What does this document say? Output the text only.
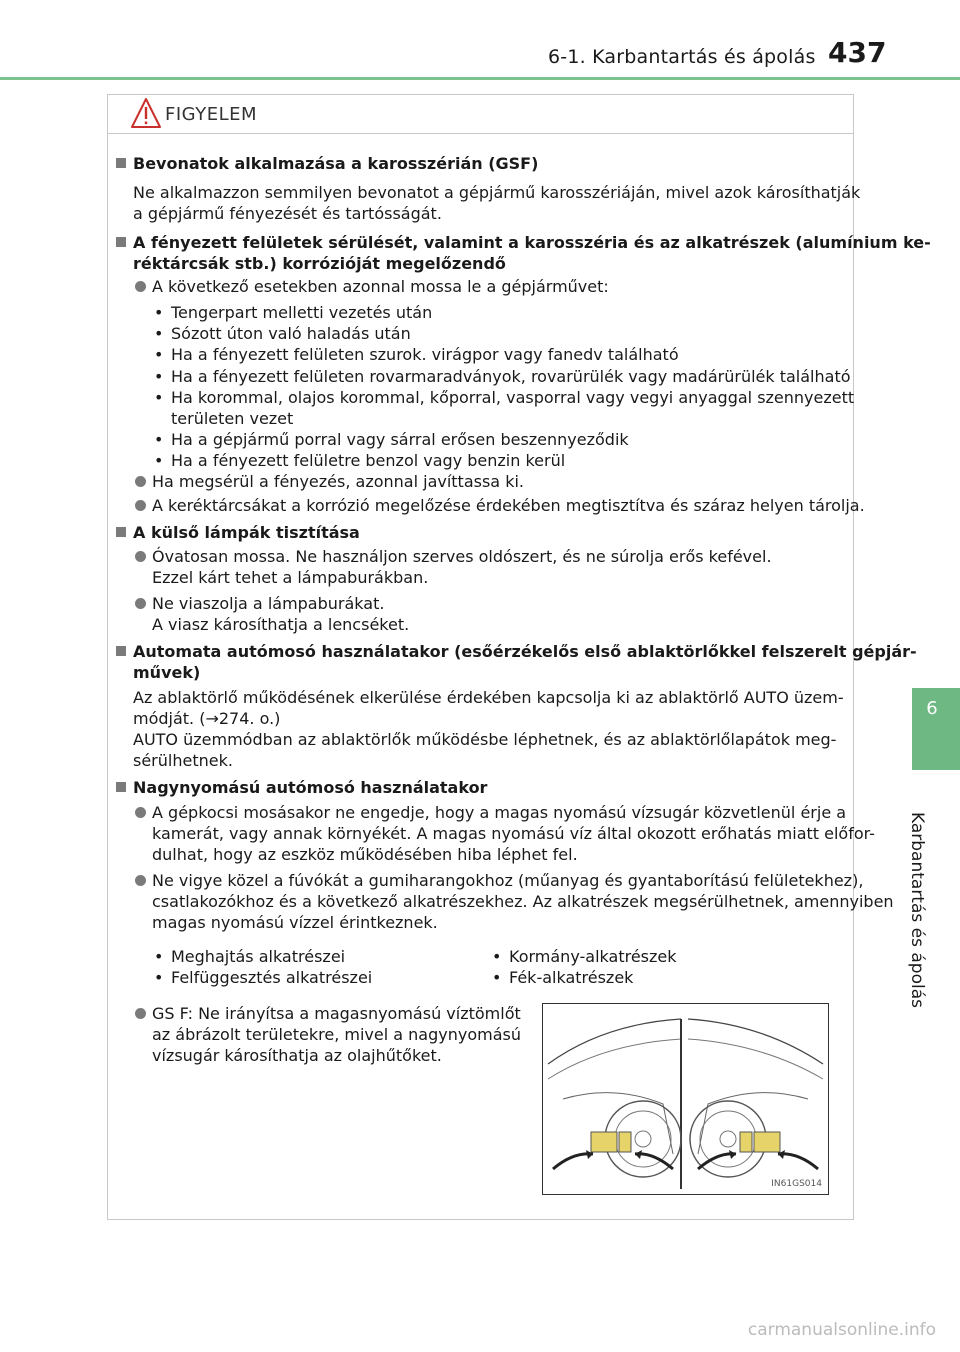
6-1. Karbantartás és ápolás 437
6
Karbantartás és ápolás
FIGYELEM
Bevonatok alkalmazása a karosszérián (GSF)
Ne alkalmazzon semmilyen bevonatot a gépjármű karosszériáján, mivel azok károsíthatják
a gépjármű fényezését és tartósságát.
A fényezett felületek sérülését, valamint a karosszéria és az alkatrészek (alumínium ke-
réktárcsák stb.) korrózióját megelőzendő
A következő esetekben azonnal mossa le a gépjárművet:
• Tengerpart melletti vezetés után
• Sózott úton való haladás után
• Ha a fényezett felületen szurok. virágpor vagy fanedv található
• Ha a fényezett felületen rovarmaradványok, rovarürülék vagy madárürülék található
• Ha korommal, olajos korommal, kőporral, vasporral vagy vegyi anyaggal szennyezett
területen vezet
• Ha a gépjármű porral vagy sárral erősen beszennyeződik
• Ha a fényezett felületre benzol vagy benzin kerül
Ha megsérül a fényezés, azonnal javíttassa ki.
A keréktárcsákat a korrózió megelőzése érdekében megtisztítva és száraz helyen tárolja.
A külső lámpák tisztítása
Óvatosan mossa. Ne használjon szerves oldószert, és ne súrolja erős kefével.
Ezzel kárt tehet a lámpaburákban.
Ne viaszolja a lámpaburákat.
A viasz károsíthatja a lencséket.
Automata autómosó használatakor (esőérzékelős első ablaktörlőkkel felszerelt gépjár-
művek)
Az ablaktörlő működésének elkerülése érdekében kapcsolja ki az ablaktörlő AUTO üzem-
módját. (→274. o.)
AUTO üzemmódban az ablaktörlők működésbe léphetnek, és az ablaktörlőlapátok meg-
sérülhetnek.
Nagynyomású autómosó használatakor
A gépkocsi mosásakor ne engedje, hogy a magas nyomású vízsugár közvetlenül érje a
kamerát, vagy annak környékét. A magas nyomású víz által okozott erőhatás miatt előfor-
dulhat, hogy az eszköz működésében hiba léphet fel.
Ne vigye közel a fúvókát a gumiharangokhoz (műanyag és gyantaborítású felületekhez),
csatlakozókhoz és a következő alkatrészekhez. Az alkatrészek megsérülhetnek, amennyiben
magas nyomású vízzel érintkeznek.
• Meghajtás alkatrészei
• Felfüggesztés alkatrészei
• Kormány-alkatrészek
• Fék-alkatrészek
GS F: Ne irányítsa a magasnyomású víztömlőt
az ábrázolt területekre, mivel a nagynyomású
vízsugár károsíthatja az olajhűtőket.
IN61GS014
carmanualsonline.info
